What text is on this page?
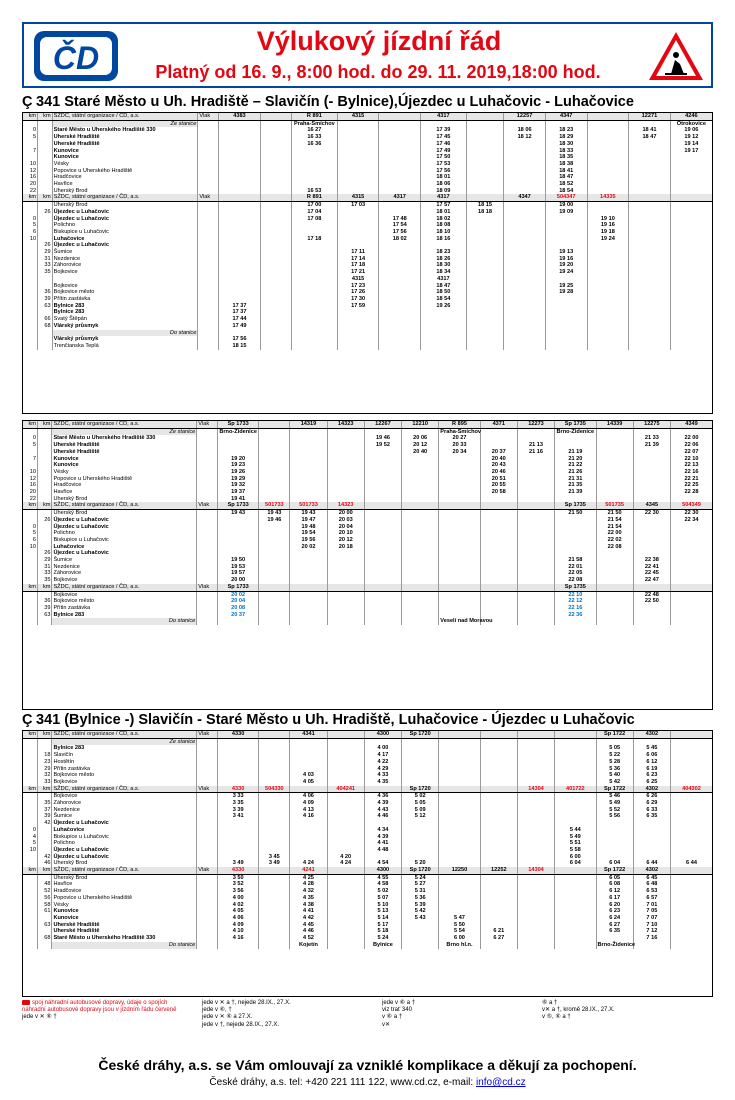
ČD	Výlukový jízdní řád
Platný od 16. 9., 8:00 hod. do 29. 11. 2019,18:00 hod.
Ç 341 Staré Město u Uh. Hradiště – Slavičín (- Bylnice),Újezdec u Luhačovic - Luhačovice
km	km	SŽDC, státní organizace / ČD, a.s.	Vlak	4383		R 891	4315		4317		12257	4347		12271	4246
		Ze stanice				Praha-Smíchov									Otrokovice
0		Staré Město u Uherského Hradiště 330				16 27			17 39		18 06	18 23		18 41	19 06
5		Uherské Hradiště				16 33			17 45		18 12	18 29		18 47	19 12
		Uherské Hradiště				16 36			17 46			18 30			19 14
7		Kunovice							17 49			18 33			19 17
		Kunovice							17 50			18 35			
10		Vésky							17 53			18 38			
12		Popovice u Uherského Hradiště							17 56			18 41			
16		Hradčovice							18 01			18 47			
20		Havřice							18 06			18 52			
22		Uherský Brod				16 53			18 09			18 54			
km	km	SŽDC, státní organizace / ČD, a.s.	Vlak			R 891	4315	4317	4317		4347	504347	14335		
		Uherský Brod				17 00	17 03		17 57	18 15		19 00			
	26	Újezdec u Luhačovic				17 04			18 01	18 18		19 09			
0		Újezdec u Luhačovic				17 08		17 48	18 02				19 10		
5		Polichno						17 54	18 08				19 16		
6		Biskupice u Luhačovic						17 56	18 10				19 18		
10		Luhačovice				17 18		18 02	18 16				19 24		
	26	Újezdec u Luhačovic													
	29	Šumice					17 11		18 23			19 13			
	31	Nezdenice					17 14		18 26			19 16			
	33	Záhorovice					17 18		18 30			19 20			
	35	Bojkovice					17 21		18 34			19 24			
							4315		4317						
		Bojkovice					17 23		18 47			19 25			
	36	Bojkovice město					17 26		18 50			19 28			
	39	Přítin zastávka					17 30		18 54						
	63	Bylnice 283		17 37			17 59		19 26						
		Bylnice 283		17 37											
	66	Svatý Štěpán		17 44											
	68	Vlárský průsmyk		17 49											
		Do stanice													
		Vlárský průsmyk		17 56											
		Trenčianska Teplá		18 15											
km	km	SŽDC, státní organizace / ČD, a.s.	Vlak	Sp 1733		14319	14323	12267	12210	R 895	4371	12273	Sp 1735	14339	12275	4349
		Ze stanice		Brno-Židenice						Praha-Smíchov			Brno-Židenice			
0		Staré Město u Uherského Hradiště 330						19 46	20 06	20 27					21 33	22 00
5		Uherské Hradiště						19 52	20 12	20 33		21 13			21 39	22 06
		Uherské Hradiště							20 40	20 34	20 37	21 16	21 19			22 07
7		Kunovice		19 20							20 40		21 20			22 10
		Kunovice		19 23							20 43		21 22			22 13
10		Vésky		19 26							20 46		21 26			22 16
12		Popovice u Uherského Hradiště		19 29							20 51		21 31			22 21
16		Hradčovice		19 32							20 55		21 35			22 25
20		Havřice		19 37							20 58		21 39			22 28
22		Uherský Brod		19 41												
km	km	SŽDC, státní organizace / ČD, a.s.	Vlak	Sp 1733	501733	501733	14323						Sp 1735	501735	4345	504349
		Uherský Brod		19 43	19 43	19 43	20 00						21 50	21 50	22 30	22 30
	26	Újezdec u Luhačovic			19 46	19 47	20 03							21 54		22 34
0		Újezdec u Luhačovic				19 48	20 04							21 54		
5		Polichno				19 54	20 10							22 00		
6		Biskupice u Luhačovic				19 56	20 12							22 02		
10		Luhačovice				20 02	20 18							22 08		
	26	Újezdec u Luhačovic														
	29	Šumice		19 50									21 58		22 38	
	31	Nezdenice		19 53									22 01		22 41	
	33	Záhorovice		19 57									22 05		22 45	
	35	Bojkovice		20 00									22 08		22 47	
km	km	SŽDC, státní organizace / ČD, a.s.	Vlak	Sp 1733									Sp 1735			
		Bojkovice		20 02									22 10		22 48	
	36	Bojkovice město		20 04									22 12		22 50	
	39	Přítin zastávka		20 08									22 16			
	63	Bylnice 283		20 37									22 36			
		Do stanice								Veselí nad Moravou						
Ç 341 (Bylnice -) Slavičín - Staré Město u Uh. Hradiště, Luhačovice - Újezdec u Luhačovic
km	km	SŽDC, státní organizace / ČD, a.s.	Vlak	4330		4341		4300	Sp 1720					Sp 1722	4302	
		Ze stanice														
		Bylnice 283						4 00						5 05	5 45	
	18	Slavičín						4 17						5 22	6 06	
	23	Hostětín						4 22						5 28	6 12	
	29	Přítin zastávka						4 29						5 36	6 19	
	32	Bojkovice město				4 03		4 33						5 40	6 23	
	33	Bojkovice				4 05		4 35						5 42	6 25	
km	km	SŽDC, státní organizace / ČD, a.s.	Vlak	4330	504330		404241		Sp 1720			14304	401722	Sp 1722	4302	404302
		Bojkovice		3 33		4 06		4 36	5 02					5 46	6 26	
	35	Záhorovice		3 35		4 09		4 39	5 05					5 49	6 29	
	37	Nezdenice		3 39		4 13		4 43	5 09					5 52	6 33	
	39	Šumice		3 41		4 16		4 46	5 12					5 56	6 35	
	42	Újezdec u Luhačovic														
0		Luhačovice						4 34					5 44			
4		Biskupice u Luhačovic						4 39					5 49			
5		Polichno						4 41					5 51			
10		Újezdec u Luhačovic						4 48					5 58			
	42	Újezdec u Luhačovic			3 45		4 20						6 00			
	46	Uherský Brod		3 49	3 49	4 24	4 24	4 54	5 20				6 04	6 04	6 44	6 44
km	km	SŽDC, státní organizace / ČD, a.s.	Vlak	4330		4241		4300	Sp 1720	12250	12252	14304		Sp 1722	4302	
		Uherský Brod		3 50		4 25		4 55	5 24					6 05	6 45	
	48	Havřice		3 52		4 28		4 58	5 27					6 08	6 48	
	52	Hradčovice		3 56		4 32		5 02	5 31					6 12	6 53	
	56	Popovice u Uherského Hradiště		4 00		4 35		5 07	5 36					6 17	6 57	
	58	Vésky		4 02		4 38		5 10	5 39					6 20	7 01	
	61	Kunovice		4 05		4 41		5 13	5 42					6 23	7 05	
		Kunovice		4 06		4 42		5 14	5 43	5 47				6 24	7 07	
	63	Uherské Hradiště		4 09		4 45		5 17		5 50				6 27	7 10	
		Uherské Hradiště		4 10		4 46		5 18		5 54	6 21			6 35	7 12	
	68	Staré Město u Uherského Hradiště 330		4 16		4 52		5 24		6 00	6 27				7 16	
		Do stanice				Kojetín		Bylnice		Brno hl.n.				Brno-Židenice		
spoj náhradní autobusové dopravy, údaje o spojích náhradní autobusové dopravy jsou v jízdním řádu červeně
jede v ✕ ⑥ †
jede v ✕ a †, nejede 28.IX., 27.X.
jede v ⑥, †
jede v ✕ ⑥ a 27.X.
jede v †, nejede 28.IX., 27.X.
jede v ⑥ a †
viz trať 340
v ⑥ a †
v✕
⑥ a †
v✕ a †, kromě 28.IX., 27.X.
v ⑤, ⑥ a †
České dráhy, a.s. se Vám omlouvají za vzniklé komplikace a děkují za pochopení.
České dráhy, a.s. tel: +420 221 111 122, www.cd.cz, e-mail: info@cd.cz
